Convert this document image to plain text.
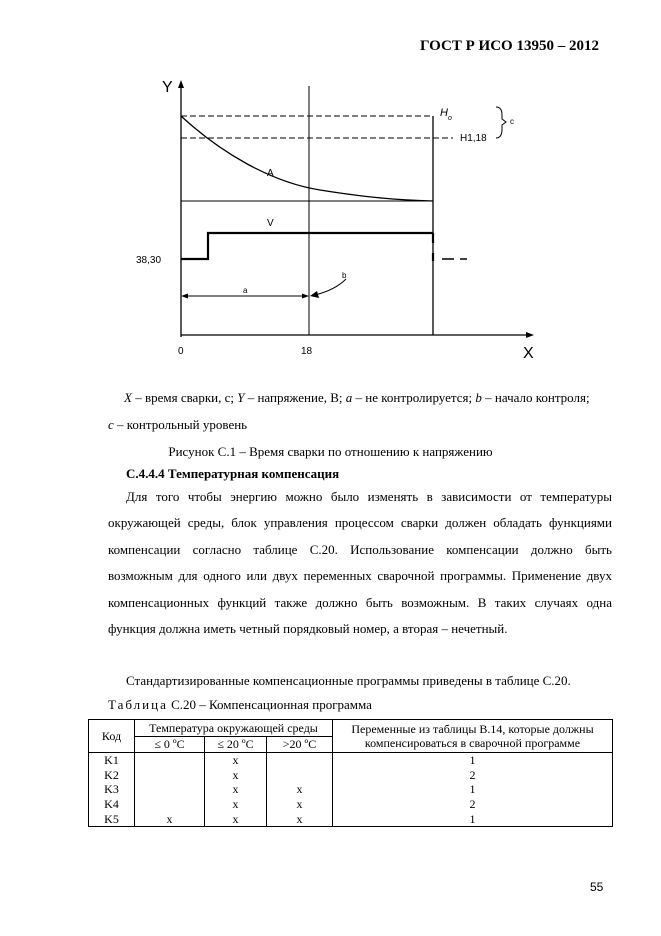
ГОСТ Р ИСО 13950 – 2012
Y
X
$H_o$
H1,18
c
A
V
38,30
a
b
0	18

X – время сварки, с; Y – напряжение, В; a – не контролируется; b – начало контроля;

c – контрольный уровень

Рисунок С.1 – Время сварки по отношению к напряжению
С.4.4.4 Температурная компенсация

Для того чтобы энергию можно было изменять в зависимости от температуры окружающей среды, блок управления процессом сварки должен обладать функциями компенсации согласно таблице С.20. Использование компенсации должно быть возможным для одного или двух переменных сварочной программы. Применение двух компенсационных функций также должно быть возможным. В таких случаях одна функция должна иметь четный порядковый номер, а вторая – нечетный.

Стандартизированные компенсационные программы приведены в таблице С.20.
Таблица С.20 – Компенсационная программа
Код	Температура окружающей среды			Переменные из таблицы В.14, которые должны компенсироваться в сварочной программе
	≤ 0 ºС	≤ 20 ºС	>20 ºС	
K1		x		1
K2		x		2
K3		x	x	1
K4		x	x	2
K5	x	x	x	1
55
